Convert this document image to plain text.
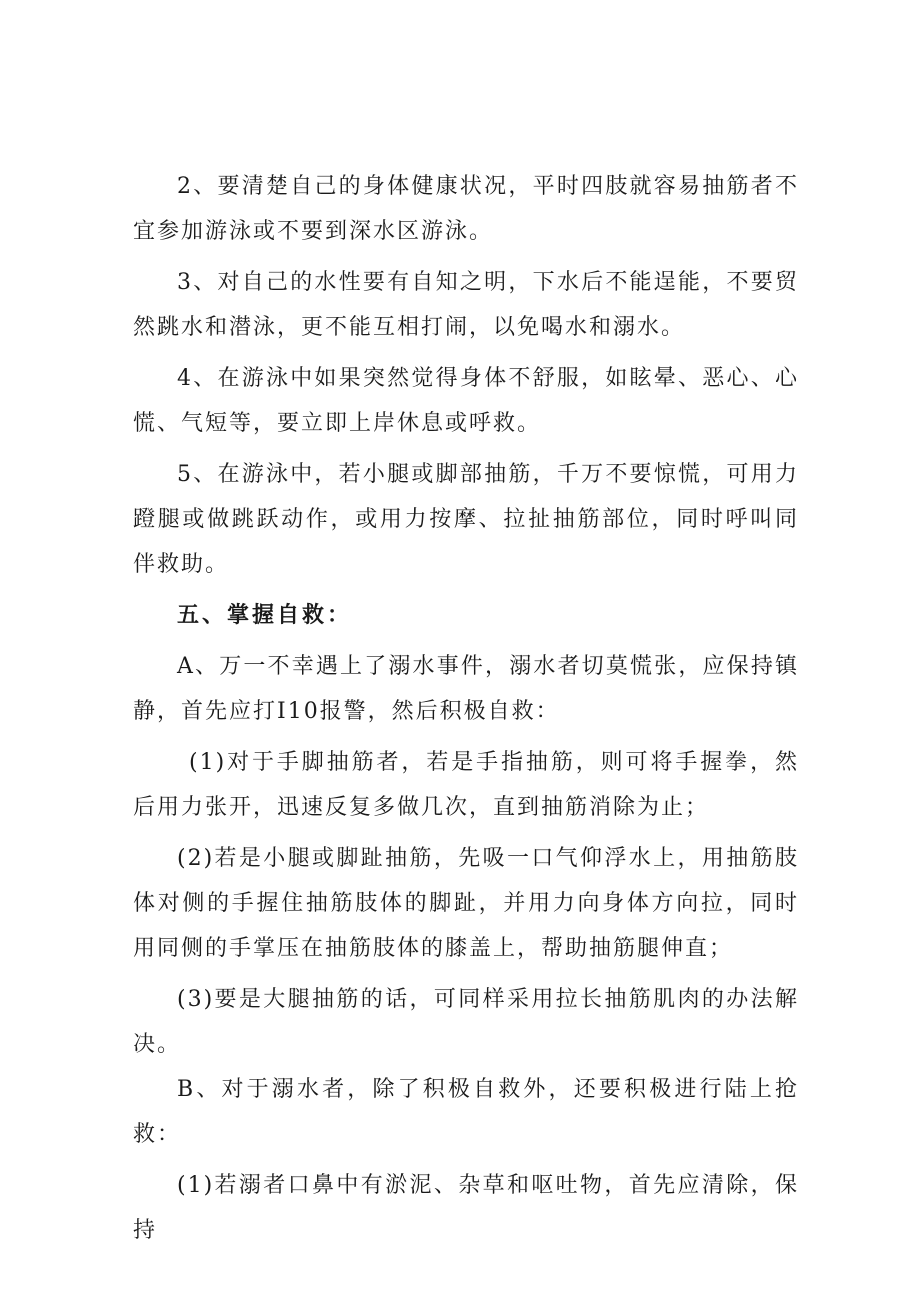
2、要清楚自己的身体健康状况，平时四肢就容易抽筋者不宜参加游泳或不要到深水区游泳。

3、对自己的水性要有自知之明，下水后不能逞能，不要贸然跳水和潜泳，更不能互相打闹，以免喝水和溺水。

4、在游泳中如果突然觉得身体不舒服，如眩晕、恶心、心慌、气短等，要立即上岸休息或呼救。

5、在游泳中，若小腿或脚部抽筋，千万不要惊慌，可用力蹬腿或做跳跃动作，或用力按摩、拉扯抽筋部位，同时呼叫同伴救助。

五、掌握自救：

A、万一不幸遇上了溺水事件，溺水者切莫慌张，应保持镇静，首先应打I10报警，然后积极自救：

(1)对于手脚抽筋者，若是手指抽筋，则可将手握拳，然后用力张开，迅速反复多做几次，直到抽筋消除为止；

(2)若是小腿或脚趾抽筋，先吸一口气仰浮水上，用抽筋肢体对侧的手握住抽筋肢体的脚趾，并用力向身体方向拉，同时用同侧的手掌压在抽筋肢体的膝盖上，帮助抽筋腿伸直；

(3)要是大腿抽筋的话，可同样采用拉长抽筋肌肉的办法解决。

B、对于溺水者，除了积极自救外，还要积极进行陆上抢救：

(1)若溺者口鼻中有淤泥、杂草和呕吐物，首先应清除，保持
